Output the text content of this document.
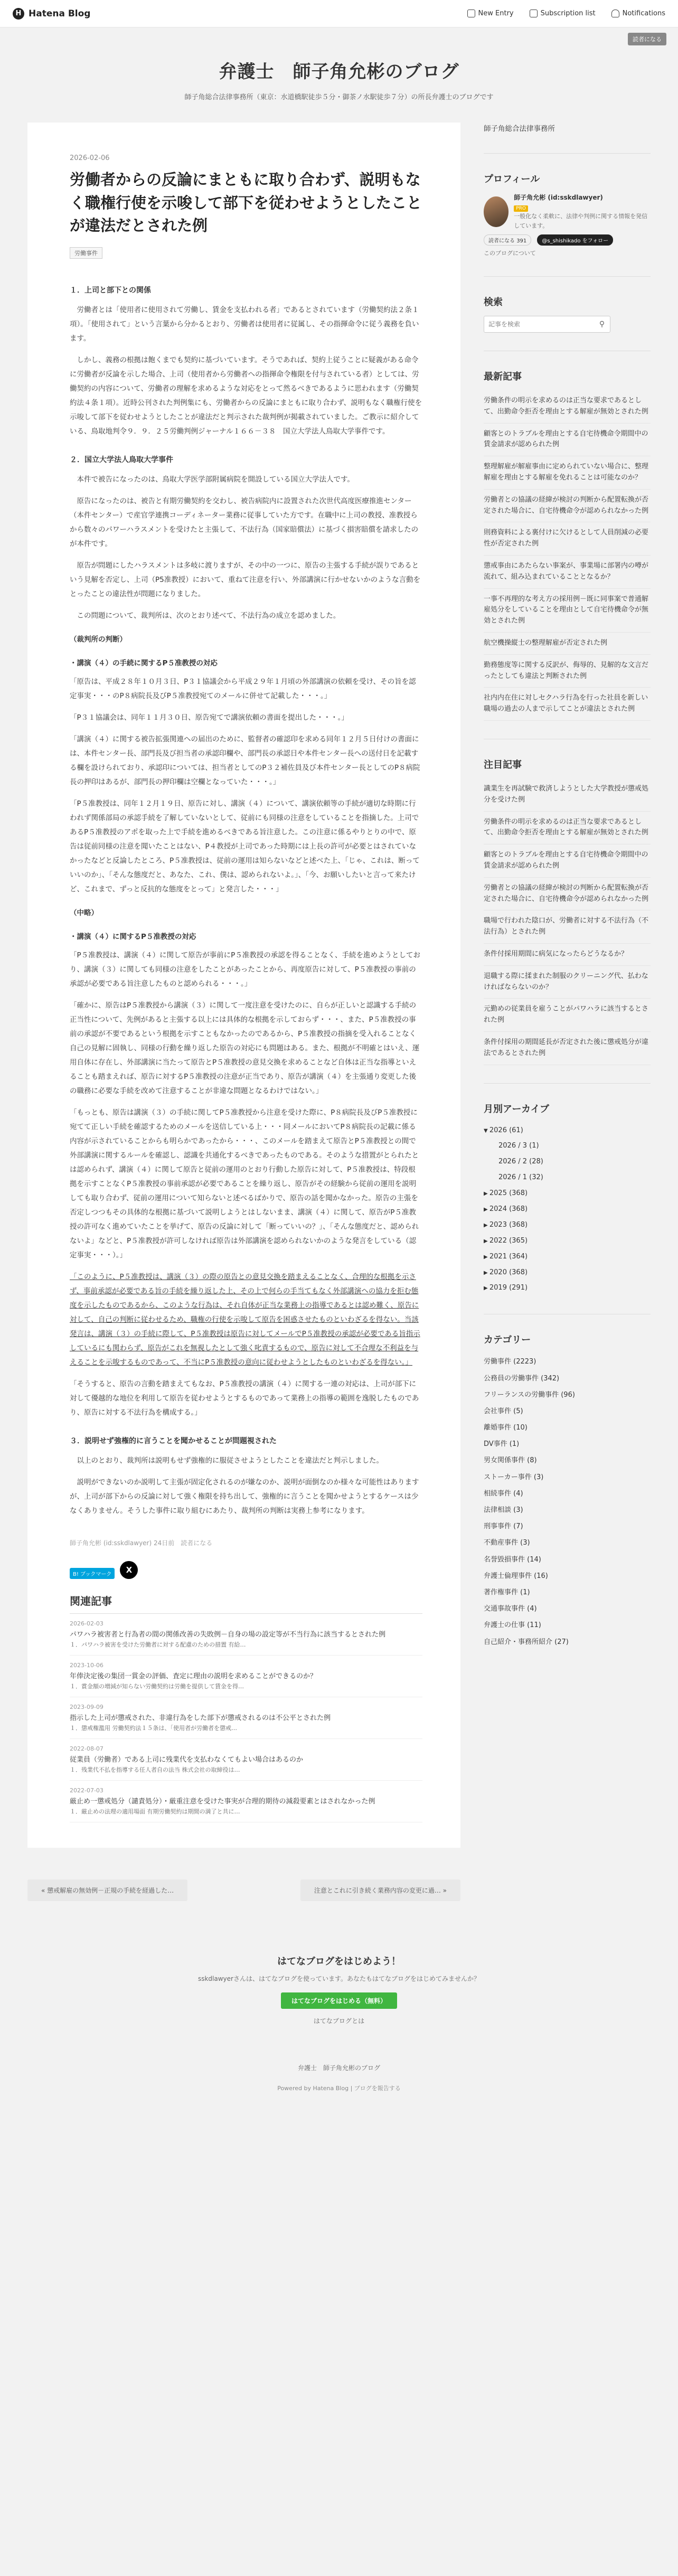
H Hatena Blog	New Entry	Subscription list	Notifications
読者になる
弁護士　師子角允彬のブログ

師子角総合法律事務所（東京：水道橋駅徒歩５分・御茶ノ水駅徒歩７分）の所長弁護士のブログです

2026-02-06
労働者からの反論にまともに取り合わず、説明もなく職権行使を示唆して部下を従わせようとしたことが違法だとされた例
労働事件
１．上司と部下との関係

労働者とは「使用者に使用されて労働し、賃金を支払われる者」であるとされています（労働契約法２条１項）。「使用されて」という言葉から分かるとおり、労働者は使用者に従属し、その指揮命令に従う義務を負います。

しかし、義務の根拠は飽くまでも契約に基づいています。そうであれば、契約上従うことに疑義がある命令に労働者が反論を示した場合、上司（使用者から労働者への指揮命令権限を付与されている者）としては、労働契約の内容について、労働者の理解を求めるような対応をとって然るべきであるように思われます（労働契約法４条１項）。近時公刊された判例集にも、労働者からの反論にまともに取り合わず、説明もなく職権行使を示唆して部下を従わせようとしたことが違法だと判示された裁判例が掲載されていました。ご教示に紹介している、鳥取地判令９．９．２５労働判例ジャーナル１６６－３８　国立大学法人鳥取大学事件です。

２．国立大学法人鳥取大学事件

本件で被告になったのは、鳥取大学医学部附属病院を開設している国立大学法人です。

原告になったのは、被告と有期労働契約を交わし、被告病院内に設置された次世代高度医療推進センター（本件センター）で産官学連携コーディネーター業務に従事していた方です。在職中に上司の教授、准教授らから数々のパワーハラスメントを受けたと主張して、不法行為（国家賠償法）に基づく損害賠償を請求したのが本件です。

原告が問題にしたハラスメントは多岐に渡りますが、その中の一つに、原告の主張する手続が誤りであるという見解を否定し、上司（P5准教授）において、重ねて注意を行い、外部講演に行かせないかのような言動をとったことの違法性が問題になりました。

この問題について、裁判所は、次のとおり述べて、不法行為の成立を認めました。

（裁判所の判断）
・講演（４）の手続に関するP５准教授の対応
「原告は、平成２８年１０月３日、P３１協議会から平成２９年１月頃の外部講演の依頼を受け、その旨を認定事実・・・のP８病院長及びP５准教授宛てのメールに併せて記載した・・・。」
「P３１協議会は、同年１１月３０日、原告宛てで講演依頼の書面を提出した・・・。」
「講演（４）に関する被告拡張関連への届出のために、監督者の確認印を求める同年１２月５日付けの書面には、本件センター長、部門長及び担当者の承認印欄や、部門長の承認日や本件センター長への送付日を記載する欄を設けられており、承認印については、担当者としてのP３２補佐員及び本件センター長としてのP８病院長の押印はあるが、部門長の押印欄は空欄となっていた・・・。」
「P５准教授は、同年１２月１９日、原告に対し、講演（４）について、講演依頼等の手続が適切な時期に行われず関係部局の承認手続を了解していないとして、従前にも同様の注意をしていることを指摘した。上司であるP５准教授のアポを取った上で手続を進めるべきである旨注意した。この注意に係るやりとりの中で、原告は従前同様の注意を聞いたことはない、P４教授が上司であった時期には上長の許可が必要とはされていなかったなどと反論したところ、P５准教授は、従前の運用は知らないなどと述べた上、「じゃ、これは、断っていいのか」、「そんな態度だと、あなた、これ、僕は、認められないよ。」、「今、お願いしたいと言って来たけど、これまで、ずっと反抗的な態度をとって」と発言した・・・」
（中略）
・講演（４）に関するP５准教授の対応
「P５准教授は、講演（４）に関して原告が事前にP５准教授の承認を得ることなく、手続を進めようとしており、講演（３）に関しても同様の注意をしたことがあったことから、再度原告に対して、P５准教授の事前の承認が必要である旨注意したものと認められる・・・。」
「確かに、原告はP５准教授から講演（３）に関して一度注意を受けたのに、自らが正しいと認識する手続の正当性について、先例があると主張する以上には具体的な根拠を示しておらず・・・、また、P５准教授の事前の承認が不要であるという根拠を示すこともなかったのであるから、P５准教授の指摘を受入れることなく自己の見解に固執し、同様の行動を繰り返した原告の対応にも問題はある。また、根拠が不明確とはいえ、運用自体に存在し、外部講演に当たって原告とP５准教授の意見交換を求めることなど自体は正当な指導といえることも踏まえれば、原告に対するP５准教授の注意が正当であり、原告が講演（４）を主張通り変更した後の職務に必要な手続を改めて注意することが非違な問題となるわけではない。」
「もっとも、原告は講演（３）の手続に関してP５准教授から注意を受けた際に、P８病院長及びP５准教授に宛てて正しい手続を確認するためのメールを送信している上・・・同メールにおいてP８病院長の記載に係る内容が示されていることからも明らかであったから・・・、このメールを踏まえて原告とP５准教授との間で外部講演に関するルールを確認し、認識を共通化するべきであったものである。そのような措置がとられたとは認められず、講演（４）に関して原告と従前の運用のとおり行動した原告に対して、P５准教授は、特段根拠を示すことなくP５准教授の事前承認が必要であることを繰り返し、原告がその経験から従前の運用を説明しても取り合わず、従前の運用について知らないと述べるばかりで、原告の話を聞かなかった。原告の主張を否定しつつもその具体的な根拠に基づいて説明しようとはしないまま、講演（４）に関して、原告がP５准教授の許可なく進めていたことを挙げて、原告の反論に対して「断っていいの？」、「そんな態度だと、認められないよ」などと、P５准教授が許可しなければ原告は外部講演を認められないかのような発言をしている（認定事実・・・）。」
「このように、P５准教授は、講演（３）の際の原告との意見交換を踏まえることなく、合理的な根拠を示さず、事前承認が必要である旨の手続を繰り返した上、その上で何らの手当てもなく外部講演への協力を拒む態度を示したものであるから、このような行為は、それ自体が正当な業務上の指導であるとは認め難く、原告に対して、自己の判断に従わせるため、職権の行使を示唆して原告を困惑させたものといわざるを得ない。当該発言は、講演（３）の手続に際して、P５准教授は原告に対してメールでP５准教授の承認が必要である旨指示しているにも関わらず、原告がこれを無視したとして強く叱責するもので、原告に対して不合理な不利益を与えることを示唆するものであって、不当にP５准教授の意向に従わせようとしたものといわざるを得ない。」
「そうすると、原告の言動を踏まえてもなお、P５准教授の講演（４）に関する一連の対応は、上司が部下に対して優越的な地位を利用して原告を従わせようとするものであって業務上の指導の範囲を逸脱したものであり、原告に対する不法行為を構成する。」
３．説明せず強権的に言うことを聞かせることが問題視された

以上のとおり、裁判所は説明もせず強権的に服従させようとしたことを違法だと判示しました。

説明ができないのか説明して主張が固定化されるのが嫌なのか、説明が面倒なのか様々な可能性はありますが、上司が部下からの反論に対して強く権限を持ち出して、強権的に言うことを聞かせようとするケースは少なくありません。そうした事件に取り組むにあたり、裁判所の判断は実務上参考になります。

師子角允彬 (id:sskdlawyer) 24日前　読者になる
B! ブックマーク	X
関連記事
2026-02-03
パワハラ被害者と行為者の間の関係改善の失敗例－自身の場の設定等が不当行為に該当するとされた例
１．パワハラ被害を受けた労働者に対する配慮のための措置 有給…
2023-10-06
年俸決定後の集団一賞金の評価、査定に理由の説明を求めることができるのか？
１．賞金額の増減が知らない労働契約は労働を提供して賃金を得…
2023-09-09
指示した上司が懲戒された、非違行為をした部下が懲戒されるのは不公平とされた例
１．懲戒権濫用 労働契約法１５条は、「使用者が労働者を懲戒…
2022-08-07
従業員（労働者）である上司に残業代を支払わなくてもよい場合はあるのか
１．残業代不払を指導する任人者自の法当 株式会社の取締役は…
2022-07-03
厳止め一懲戒処分（譴責処分）・厳重注意を受けた事実が合理的期待の減殺要素とはされなかった例
１．厳止めの法理の適用場面 有期労働契約は期間の満了と共に…
« 懲戒解雇の無効例－正規の手続を経過した…	注意とこれに引き続く業務内容の変更に過… »
師子角総合法律事務所
プロフィール
師子角允彬 (id:sskdlawyer)
PRO
一般化なく柔軟に、法律や判例に関する情報を発信しています。
読者になる 391	@s_shishikado をフォロー
このブログについて
検索
記事を検索
⚲
最新記事
労働条件の明示を求めるのは正当な要求であるとして、出勤命令拒否を理由とする解雇が無効とされた例
顧客とのトラブルを理由とする自宅待機命令期間中の賃金請求が認められた例
整理解雇が解雇事由に定められていない場合に、整理解雇を理由とする解雇を免れることは可能なのか？
労働者との協議の経緯が検討の判断から配置転換が否定された場合に、自宅待機命令が認められなかった例
則務資料による裏付けに欠けるとして人員削減の必要性が否定された例
懲戒事由にあたらない事案が、事業場に部署内の噂が流れて、組み込まれていることとなるか？
一事不再理的な考え方の採用例－既に同事案で普通解雇処分をしていることを理由として自宅待機命令が無効とされた例
航空機操縦士の整理解雇が否定された例
勤務態度等に関する反訳が、侮辱的、見解的な文言だったとしても違法と判断された例
社内内在住に対しセクハラ行為を行った社員を新しい職場の過去の人まで示してことが違法とされた例
注目記事
識業生を再試験で救済しようとした大学教授が懲戒処分を受けた例
労働条件の明示を求めるのは正当な要求であるとして、出勤命令拒否を理由とする解雇が無効とされた例
顧客とのトラブルを理由とする自宅待機命令期間中の賃金請求が認められた例
労働者との協議の経緯が検討の判断から配置転換が否定された場合に、自宅待機命令が認められなかった例
職場で行われた陰口が、労働者に対する不法行為（不法行為）とされた例
条件付採用期間に病気になったらどうなるか？
退職する際に揉まれた制服のクリーニング代、払わなければならないのか？
元勤めの従業員を雇うことがパワハラに該当するとされた例
条件付採用の期間延長が否定された後に懲戒処分が違法であるとされた例
月別アーカイブ
▼ 2026 (61)
2026 / 3 (1)
2026 / 2 (28)
2026 / 1 (32)
▶ 2025 (368)
▶ 2024 (368)
▶ 2023 (368)
▶ 2022 (365)
▶ 2021 (364)
▶ 2020 (368)
▶ 2019 (291)
カテゴリー
労働事件 (2223)
公務員の労働事件 (342)
フリーランスの労働事件 (96)
会社事件 (5)
離婚事件 (10)
DV事件 (1)
男女関係事件 (8)
ストーカー事件 (3)
相続事件 (4)
法律相談 (3)
刑事事件 (7)
不動産事件 (3)
名誉毀損事件 (14)
弁護士倫理事件 (16)
著作権事件 (1)
交通事故事件 (4)
弁護士の仕事 (11)
自己紹介・事務所紹介 (27)
はてなブログをはじめよう！
sskdlawyerさんは、はてなブログを使っています。あなたもはてなブログをはじめてみませんか？
はてなブログをはじめる（無料）
はてなブログとは
弁護士　師子角允彬のブログ
Powered by Hatena Blog | ブログを報告する
